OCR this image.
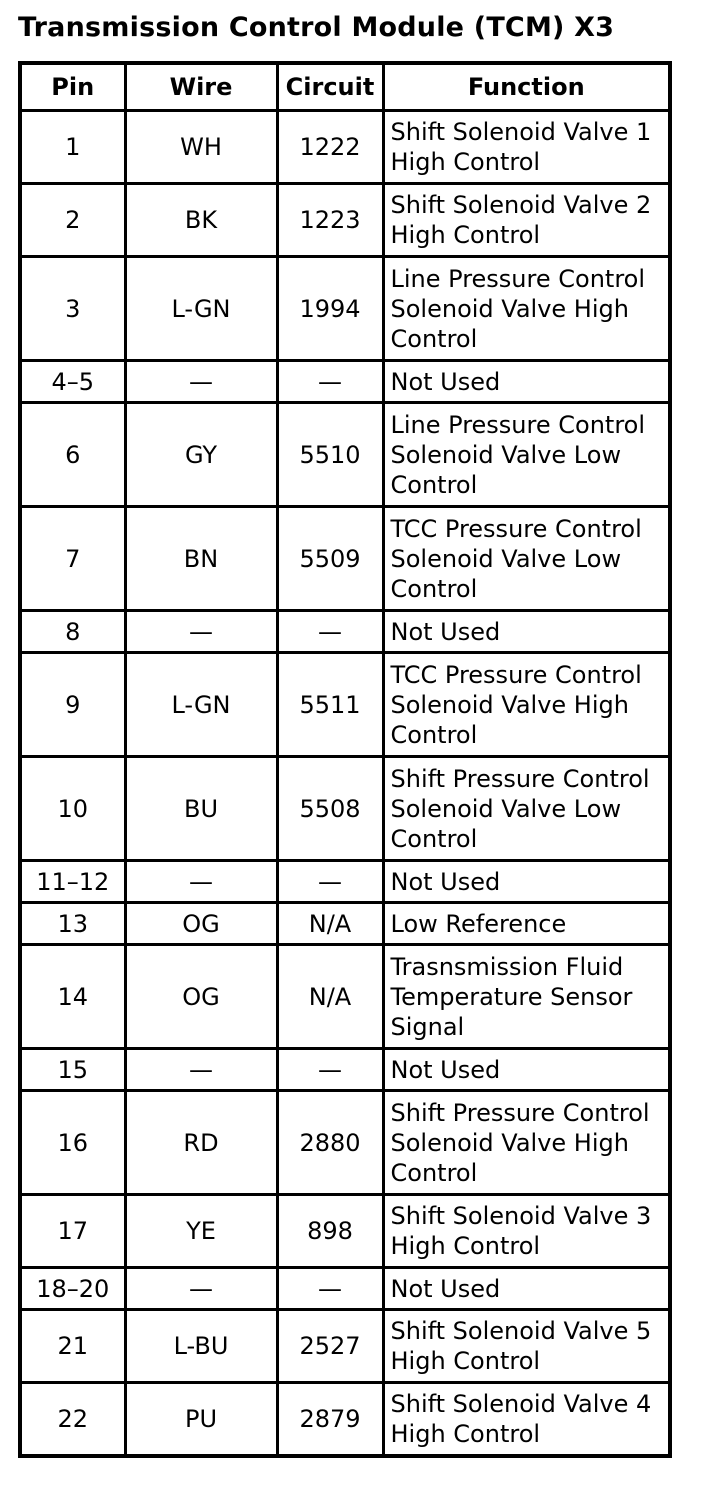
Transmission Control Module (TCM) X3
Pin	Wire	Circuit	Function
1	WH	1222	Shift Solenoid Valve 1 High Control
2	BK	1223	Shift Solenoid Valve 2 High Control
3	L-GN	1994	Line Pressure Control Solenoid Valve High Control
4–5	—	—	Not Used
6	GY	5510	Line Pressure Control Solenoid Valve Low Control
7	BN	5509	TCC Pressure Control Solenoid Valve Low Control
8	—	—	Not Used
9	L-GN	5511	TCC Pressure Control Solenoid Valve High Control
10	BU	5508	Shift Pressure Control Solenoid Valve Low Control
11–12	—	—	Not Used
13	OG	N/A	Low Reference
14	OG	N/A	Trasnsmission Fluid Temperature Sensor Signal
15	—	—	Not Used
16	RD	2880	Shift Pressure Control Solenoid Valve High Control
17	YE	898	Shift Solenoid Valve 3 High Control
18–20	—	—	Not Used
21	L-BU	2527	Shift Solenoid Valve 5 High Control
22	PU	2879	Shift Solenoid Valve 4 High Control
